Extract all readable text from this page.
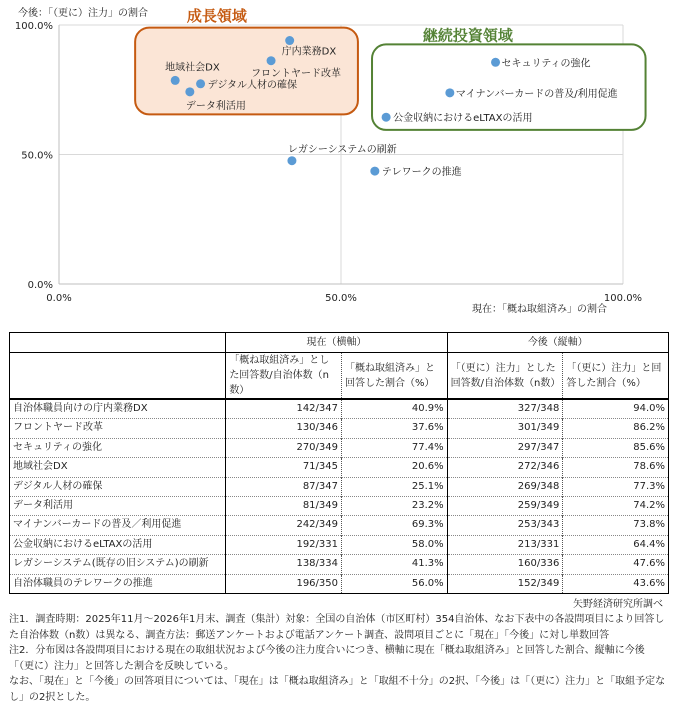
成長領域
継続投資領域
0.0%
50.0%
100.0%
0.0%	50.0%	100.0%
庁内業務DX
フロントヤード改革
セキュリティの強化
地域社会DX
デジタル人材の確保
データ利活用
マイナンバーカードの普及/利用促進
公金収納におけるeLTAXの活用
レガシーシステムの刷新
テレワークの推進
今後：「（更に）注力」の割合
現在：「概ね取組済み」の割合
	現在（横軸）		今後（縦軸）	
	「概ね取組済み」とした回答数/自治体数（n数）	「概ね取組済み」と回答した割合（%）	「（更に）注力」とした回答数/自治体数（n数）	「（更に）注力」と回答した割合（%）
自治体職員向けの庁内業務DX	142/347	40.9%	327/348	94.0%
フロントヤード改革	130/346	37.6%	301/349	86.2%
セキュリティの強化	270/349	77.4%	297/347	85.6%
地域社会DX	71/345	20.6%	272/346	78.6%
デジタル人材の確保	87/347	25.1%	269/348	77.3%
データ利活用	81/349	23.2%	259/349	74.2%
マイナンバーカードの普及／利用促進	242/349	69.3%	253/343	73.8%
公金収納におけるeLTAXの活用	192/331	58.0%	213/331	64.4%
レガシーシステム(既存の旧システム)の刷新	138/334	41.3%	160/336	47.6%
自治体職員のテレワークの推進	196/350	56.0%	152/349	43.6%
矢野経済研究所調べ

注1．調査時期：2025年11月～2026年1月末、調査（集計）対象：全国の自治体（市区町村）354自治体、なお下表中の各設問項目により回答した自治体数（n数）は異なる、調査方法：郵送アンケートおよび電話アンケート調査、設問項目ごとに「現在」「今後」に対し単数回答

注2．分布図は各設問項目における現在の取組状況および今後の注力度合いにつき、横軸に現在「概ね取組済み」と回答した割合、縦軸に今後「（更に）注力」と回答した割合を反映している。

なお、「現在」と「今後」の回答項目については、「現在」は「概ね取組済み」と「取組不十分」の2択、「今後」は「（更に）注力」と「取組予定なし」の2択とした。
